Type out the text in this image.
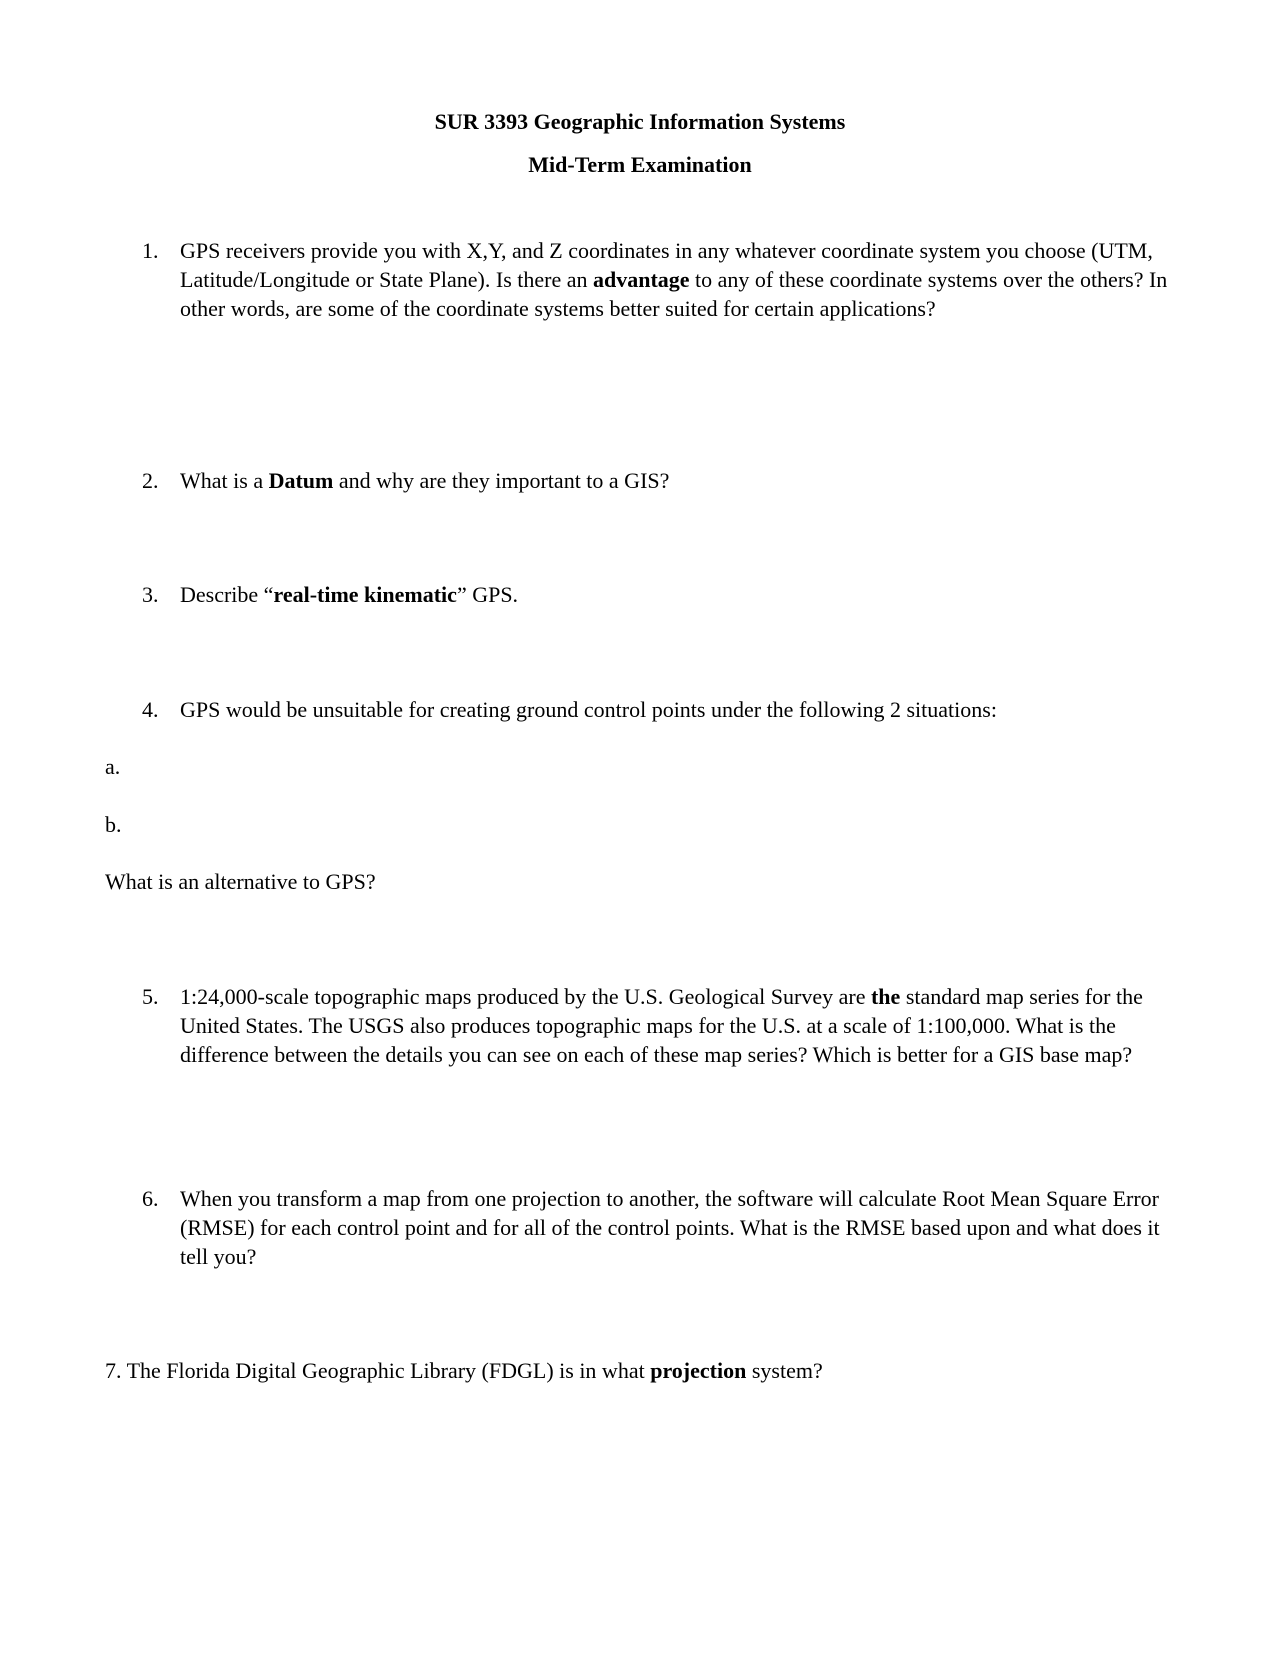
SUR 3393 Geographic Information Systems
Mid-Term Examination
1. GPS receivers provide you with X,Y, and Z coordinates in any whatever coordinate system you choose (UTM, Latitude/Longitude or State Plane). Is there an advantage to any of these coordinate systems over the others? In other words, are some of the coordinate systems better suited for certain applications?
2. What is a Datum and why are they important to a GIS?
3. Describe “real-time kinematic” GPS.
4. GPS would be unsuitable for creating ground control points under the following 2 situations:
a.
b.
What is an alternative to GPS?
5. 1:24,000-scale topographic maps produced by the U.S. Geological Survey are the standard map series for the United States. The USGS also produces topographic maps for the U.S. at a scale of 1:100,000. What is the difference between the details you can see on each of these map series? Which is better for a GIS base map?
6. When you transform a map from one projection to another, the software will calculate Root Mean Square Error (RMSE) for each control point and for all of the control points. What is the RMSE based upon and what does it tell you?
7. The Florida Digital Geographic Library (FDGL) is in what projection system?
